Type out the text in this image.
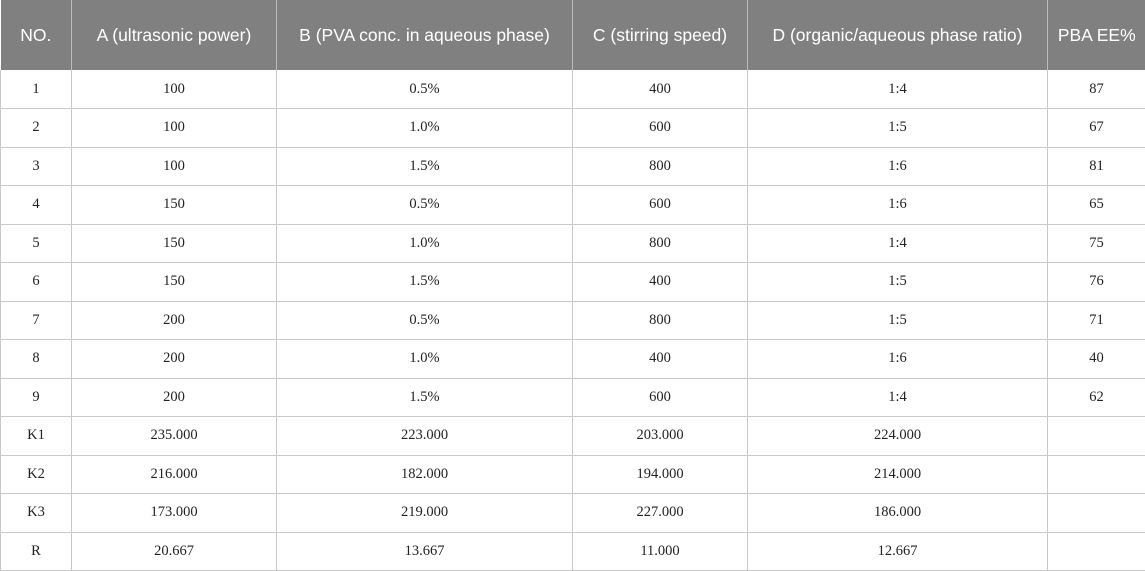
NO.	A (ultrasonic power)	B (PVA conc. in aqueous phase)	C (stirring speed)	D (organic/aqueous phase ratio)	PBA EE%
1	100	0.5%	400	1:4	87
2	100	1.0%	600	1:5	67
3	100	1.5%	800	1:6	81
4	150	0.5%	600	1:6	65
5	150	1.0%	800	1:4	75
6	150	1.5%	400	1:5	76
7	200	0.5%	800	1:5	71
8	200	1.0%	400	1:6	40
9	200	1.5%	600	1:4	62
K1	235.000	223.000	203.000	224.000	
K2	216.000	182.000	194.000	214.000	
K3	173.000	219.000	227.000	186.000	
R	20.667	13.667	11.000	12.667	
